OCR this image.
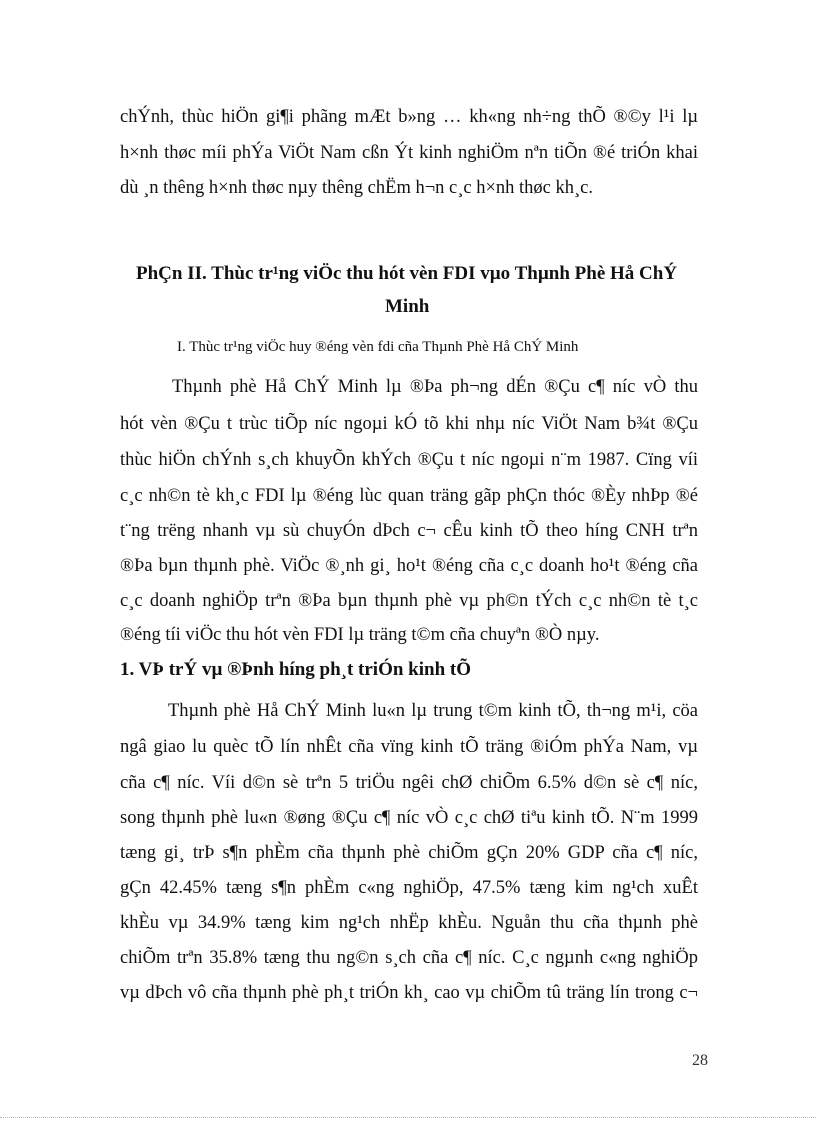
chÝnh, thùc hiÖn gi¶i phãng mÆt b»ng … kh«ng nh÷ng thÕ ®©y l¹i lµ
h×nh thøc míi phÝa ViÖt Nam cßn Ýt kinh nghiÖm nªn tiÕn ®é triÓn khai
dù ¸n thêng h×nh thøc nµy thêng chËm h¬n c¸c h×nh thøc kh¸c.
PhÇn II. Thùc tr¹ng viÖc thu hót vèn FDI vµo Thµnh Phè Hå ChÝ
Minh
I. Thùc tr¹ng viÖc huy ®éng vèn fdi cña Thµnh Phè Hå ChÝ Minh
Thµnh phè Hå ChÝ Minh lµ ®Þa ph¬ng dÉn ®Çu c¶ níc vÒ thu
hót vèn ®Çu t trùc tiÕp níc ngoµi kÓ tõ khi nhµ níc ViÖt Nam b¾t ®Çu
thùc hiÖn chÝnh s¸ch khuyÕn khÝch ®Çu t níc ngoµi n¨m 1987. Cïng víi
c¸c nh©n tè kh¸c FDI lµ ®éng lùc quan träng gãp phÇn thóc ®Èy nhÞp ®é
t¨ng trëng nhanh vµ sù chuyÓn dÞch c¬ cÊu kinh tÕ theo híng CNH trªn
®Þa bµn thµnh phè. ViÖc ®¸nh gi¸ ho¹t ®éng cña c¸c doanh ho¹t ®éng cña
c¸c doanh nghiÖp trªn ®Þa bµn thµnh phè vµ ph©n tÝch c¸c nh©n tè t¸c
®éng tíi viÖc thu hót vèn FDI lµ träng t©m cña chuyªn ®Ò nµy.
1. VÞ trÝ vµ ®Þnh híng ph¸t triÓn kinh tÕ
Thµnh phè Hå ChÝ Minh lu«n lµ trung t©m kinh tÕ, th¬ng m¹i, cöa
ngâ giao lu quèc tÕ lín nhÊt cña vïng kinh tÕ träng ®iÓm phÝa Nam, vµ
cña c¶ níc. Víi d©n sè trªn 5 triÖu ngêi chØ chiÕm 6.5% d©n sè c¶ níc,
song thµnh phè lu«n ®øng ®Çu c¶ níc vÒ c¸c chØ tiªu kinh tÕ. N¨m 1999
tæng gi¸ trÞ s¶n phÈm cña thµnh phè chiÕm gÇn 20% GDP cña c¶ níc,
gÇn 42.45% tæng s¶n phÈm c«ng nghiÖp, 47.5% tæng kim ng¹ch xuÊt
khÈu vµ 34.9% tæng kim ng¹ch nhËp khÈu. Nguån thu cña thµnh phè
chiÕm trªn 35.8% tæng thu ng©n s¸ch cña c¶ níc. C¸c ngµnh c«ng nghiÖp
vµ dÞch vô cña thµnh phè ph¸t triÓn kh¸ cao vµ chiÕm tû träng lín trong c¬
28
